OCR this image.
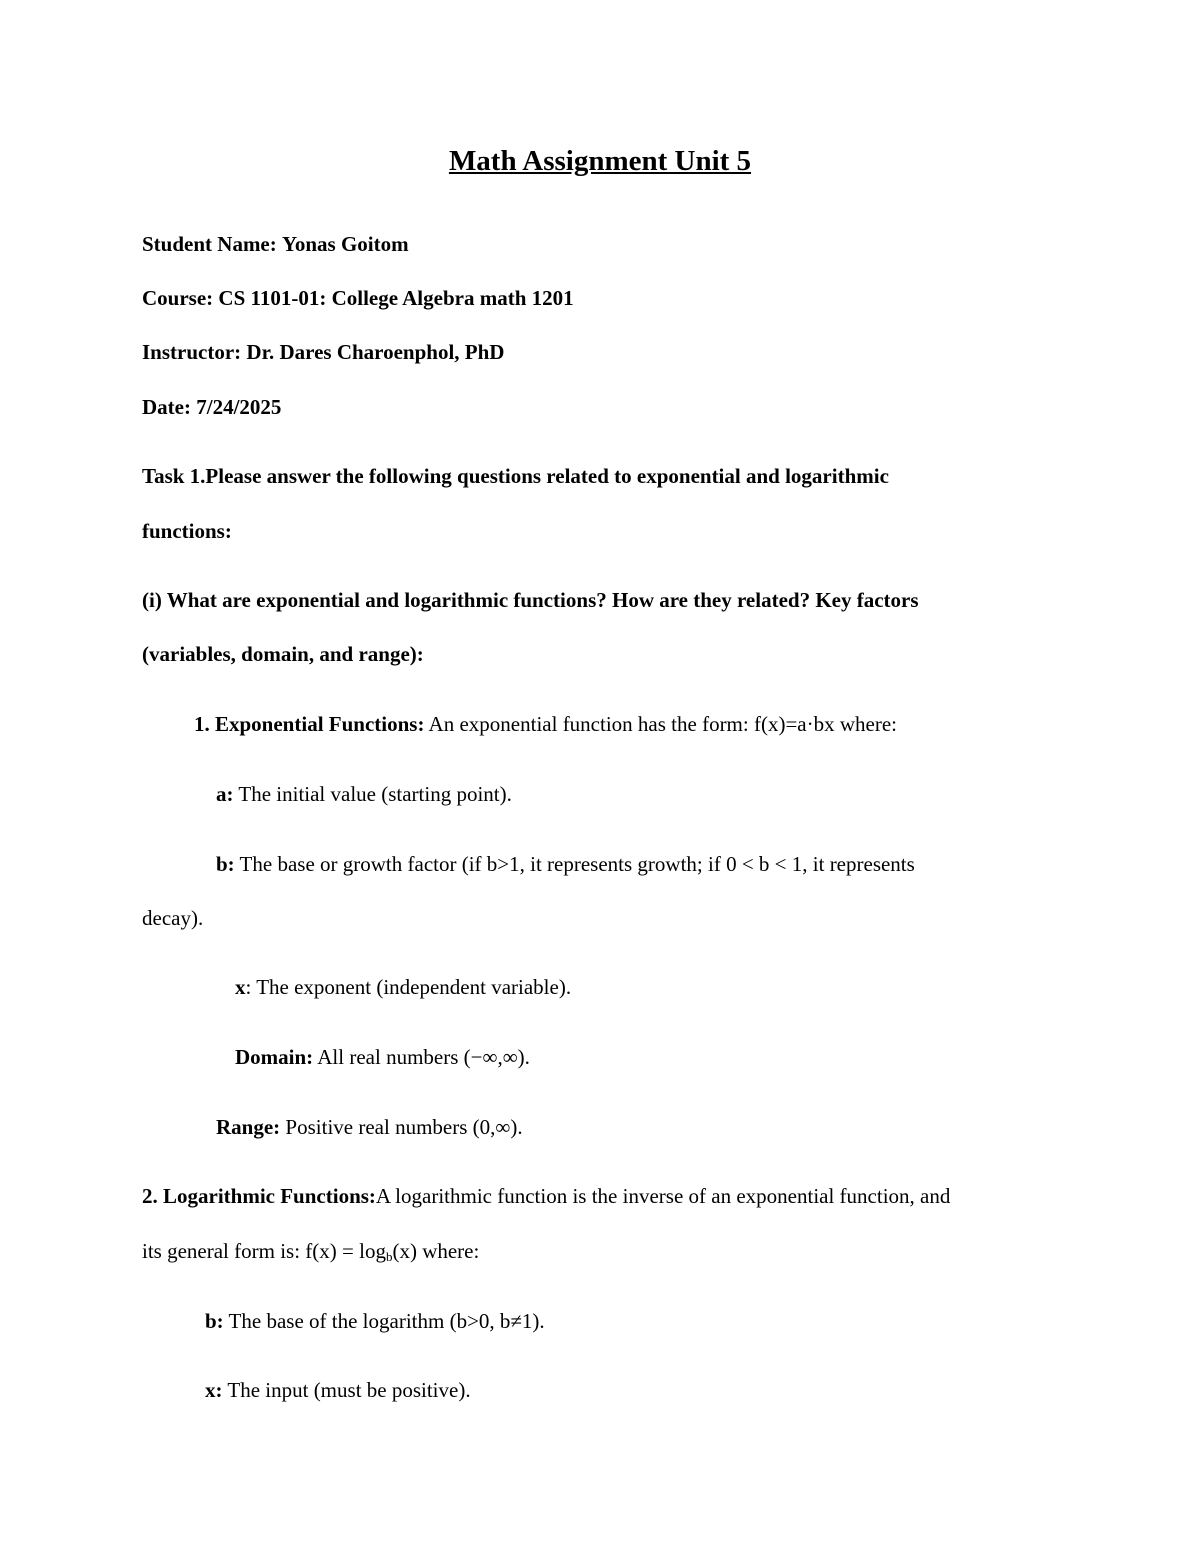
Math Assignment Unit 5
Student Name: Yonas Goitom
Course: CS 1101-01: College Algebra math 1201
Instructor: Dr. Dares Charoenphol, PhD
Date: 7/24/2025
Task 1.Please answer the following questions related to exponential and logarithmic
functions:
(i) What are exponential and logarithmic functions? How are they related? Key factors
(variables, domain, and range):
1. Exponential Functions: An exponential function has the form: f(x)=a·bx where:
a: The initial value (starting point).
b: The base or growth factor (if b>1, it represents growth; if 0 < b < 1, it represents
decay).
x: The exponent (independent variable).
Domain: All real numbers (−∞,∞).
Range: Positive real numbers (0,∞).
2. Logarithmic Functions:A logarithmic function is the inverse of an exponential function, and
its general form is: $f(x) = \log_b(x)$ where:
b: The base of the logarithm (b>0, b≠1).
x: The input (must be positive).
